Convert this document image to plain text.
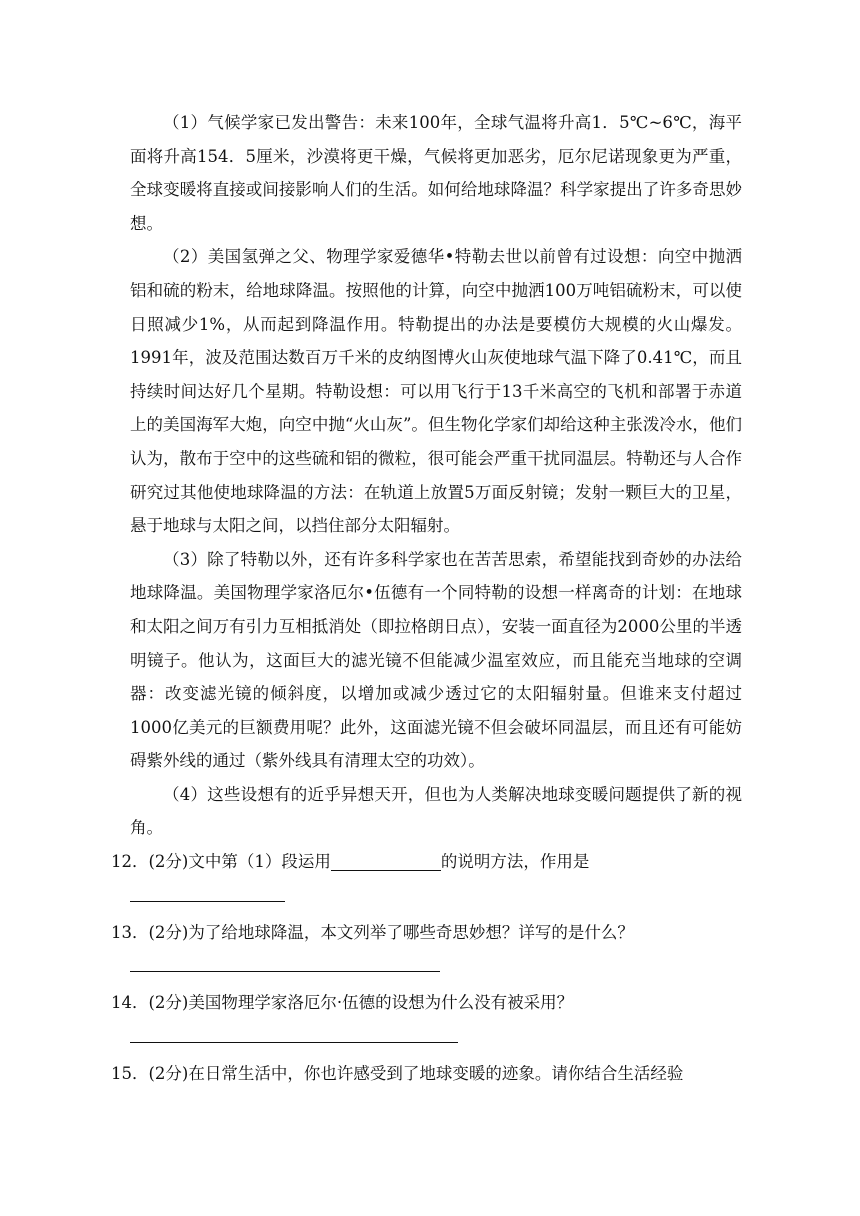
（1）气候学家已发出警告：未来100年，全球气温将升高1．5℃~6℃，海平面将升高154．5厘米，沙漠将更干燥，气候将更加恶劣，厄尔尼诺现象更为严重，全球变暖将直接或间接影响人们的生活。如何给地球降温？科学家提出了许多奇思妙想。

（2）美国氢弹之父、物理学家爱德华•特勒去世以前曾有过设想：向空中抛洒铝和硫的粉末，给地球降温。按照他的计算，向空中抛洒100万吨铝硫粉末，可以使日照减少1%，从而起到降温作用。特勒提出的办法是要模仿大规模的火山爆发。1991年，波及范围达数百万千米的皮纳图博火山灰使地球气温下降了0.41℃，而且持续时间达好几个星期。特勒设想：可以用飞行于13千米高空的飞机和部署于赤道上的美国海军大炮，向空中抛“火山灰”。但生物化学家们却给这种主张泼冷水，他们认为，散布于空中的这些硫和铝的微粒，很可能会严重干扰同温层。特勒还与人合作研究过其他使地球降温的方法：在轨道上放置5万面反射镜；发射一颗巨大的卫星，悬于地球与太阳之间，以挡住部分太阳辐射。

（3）除了特勒以外，还有许多科学家也在苦苦思索，希望能找到奇妙的办法给地球降温。美国物理学家洛厄尔•伍德有一个同特勒的设想一样离奇的计划：在地球和太阳之间万有引力互相抵消处（即拉格朗日点），安装一面直径为2000公里的半透明镜子。他认为，这面巨大的滤光镜不但能减少温室效应，而且能充当地球的空调器：改变滤光镜的倾斜度，以增加或减少透过它的太阳辐射量。但谁来支付超过1000亿美元的巨额费用呢？此外，这面滤光镜不但会破坏同温层，而且还有可能妨碍紫外线的通过（紫外线具有清理太空的功效）。

（4）这些设想有的近乎异想天开，但也为人类解决地球变暖问题提供了新的视角。

12．(2分)文中第（1）段运用	的说明方法，作用是

13．(2分)为了给地球降温，本文列举了哪些奇思妙想？详写的是什么？

14．(2分)美国物理学家洛厄尔·伍德的设想为什么没有被采用？

15．(2分)在日常生活中，你也许感受到了地球变暖的迹象。请你结合生活经验
